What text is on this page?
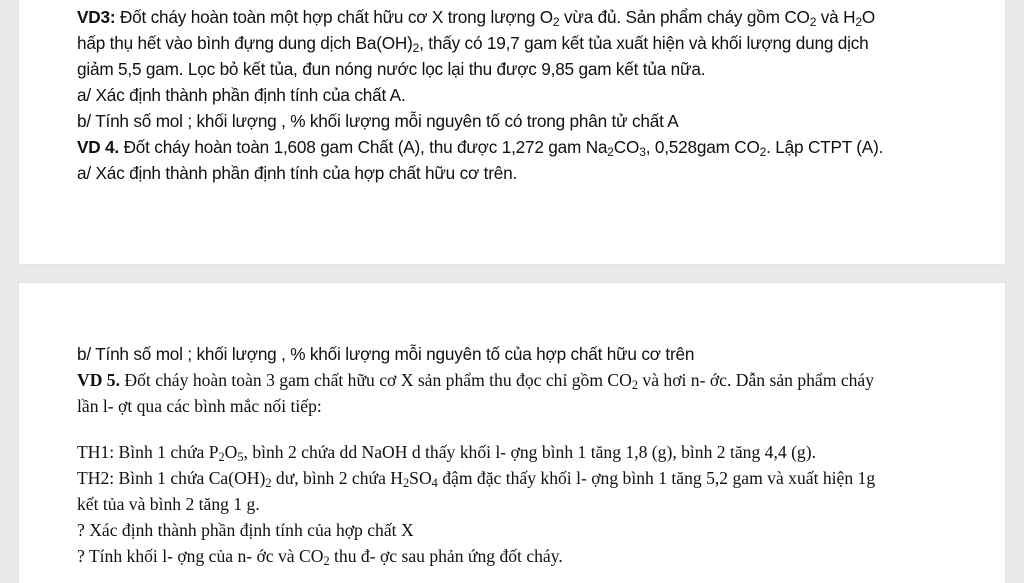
VD3: Đốt cháy hoàn toàn một hợp chất hữu cơ X trong lượng $O_2$ vừa đủ. Sản phẩm cháy gồm $CO_2$ và $H_2O$
hấp thụ hết vào bình đựng dung dịch $Ba(OH)_2$, thấy có 19,7 gam kết tủa xuất hiện và khối lượng dung dịch
giảm 5,5 gam. Lọc bỏ kết tủa, đun nóng nước lọc lại thu được 9,85 gam kết tủa nữa.
a/ Xác định thành phần định tính của chất A.
b/ Tính số mol ; khối lượng , % khối lượng mỗi nguyên tố có trong phân tử chất A
VD 4. Đốt cháy hoàn toàn 1,608 gam Chất (A), thu được 1,272 gam $Na_2CO_3$, 0,528gam $CO_2$. Lập CTPT (A).
a/ Xác định thành phần định tính của hợp chất hữu cơ trên.
b/ Tính số mol ; khối lượng , % khối lượng mỗi nguyên tố của hợp chất hữu cơ trên
VD 5. Đốt cháy hoàn toàn 3 gam chất hữu cơ X sản phẩm thu đọc chỉ gồm $CO_2$ và hơi n- ớc. Dẫn sản phẩm cháy
lần l- ợt qua các bình mắc nối tiếp:
TH1: Bình 1 chứa $P_2O_5$, bình 2 chứa dd NaOH d thấy khối l- ợng bình 1 tăng 1,8 (g), bình 2 tăng 4,4 (g).
TH2: Bình 1 chứa $Ca(OH)_2$ dư, bình 2 chứa $H_2SO_4$ đậm đặc thấy khối l- ợng bình 1 tăng 5,2 gam và xuất hiện 1g
kết tủa và bình 2 tăng 1 g.
? Xác định thành phần định tính của hợp chất X
? Tính khối l- ợng của n- ớc và $CO_2$ thu đ- ợc sau phản ứng đốt cháy.
